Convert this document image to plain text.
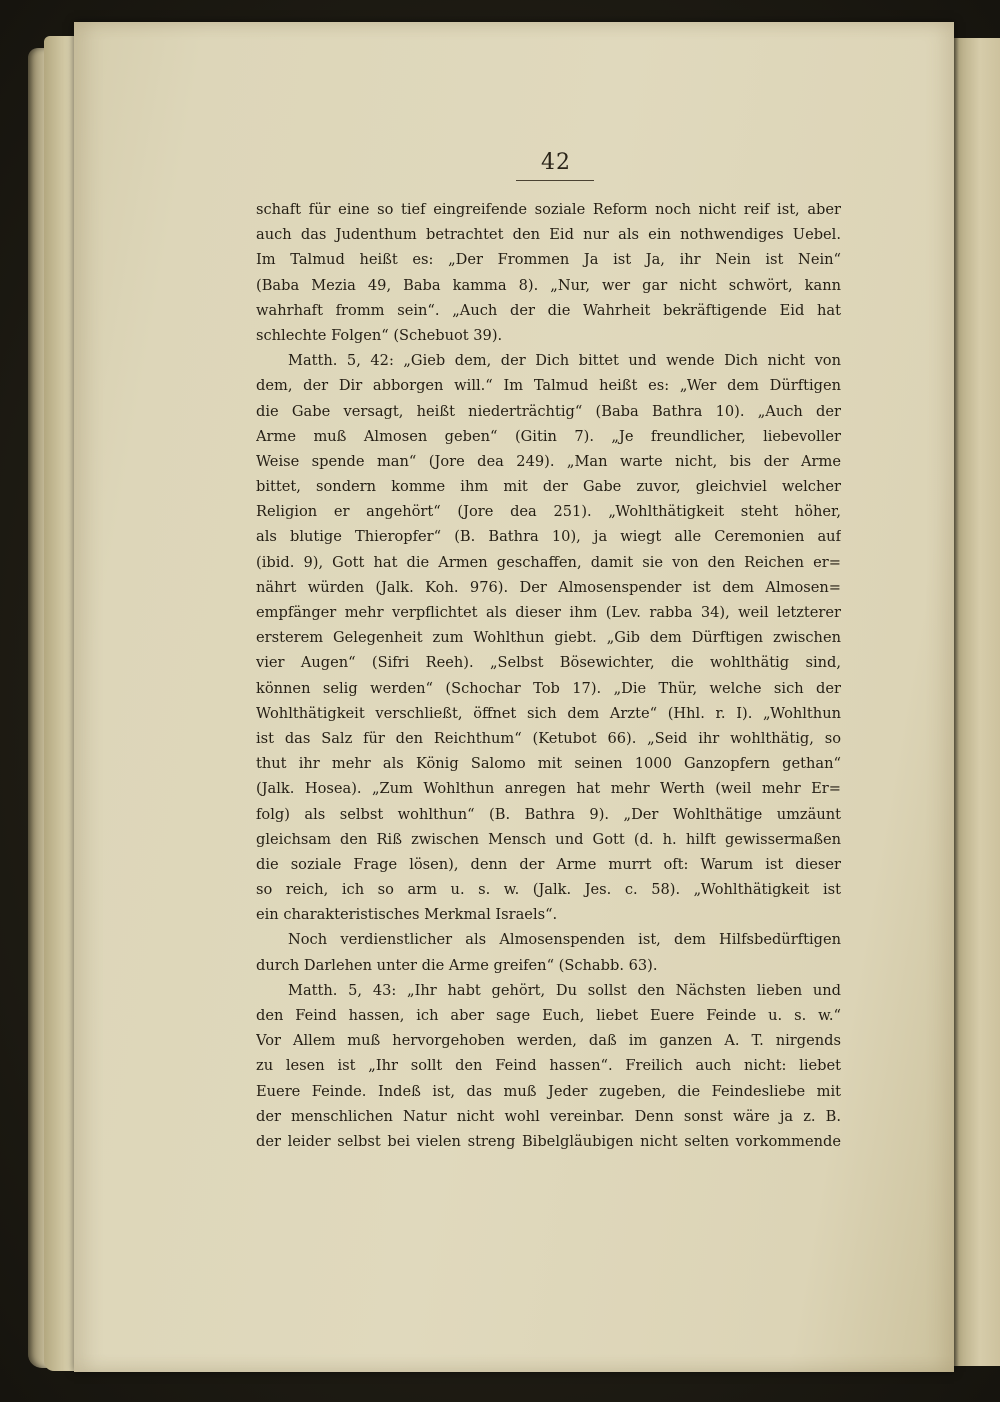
42
schaft für eine so tief eingreifende soziale Reform noch nicht reif ist, aber
auch das Judenthum betrachtet den Eid nur als ein nothwendiges Uebel.
Im Talmud heißt es: „Der Frommen Ja ist Ja, ihr Nein ist Nein“
(Baba Mezia 49, Baba kamma 8). „Nur, wer gar nicht schwört, kann
wahrhaft fromm sein“. „Auch der die Wahrheit bekräftigende Eid hat
schlechte Folgen“ (Schebuot 39).
Matth. 5, 42: „Gieb dem, der Dich bittet und wende Dich nicht von
dem, der Dir abborgen will.“ Im Talmud heißt es: „Wer dem Dürftigen
die Gabe versagt, heißt niederträchtig“ (Baba Bathra 10). „Auch der
Arme muß Almosen geben“ (Gitin 7). „Je freundlicher, liebevoller
Weise spende man“ (Jore dea 249). „Man warte nicht, bis der Arme
bittet, sondern komme ihm mit der Gabe zuvor, gleichviel welcher
Religion er angehört“ (Jore dea 251). „Wohlthätigkeit steht höher,
als blutige Thieropfer“ (B. Bathra 10), ja wiegt alle Ceremonien auf
(ibid. 9), Gott hat die Armen geschaffen, damit sie von den Reichen er=
nährt würden (Jalk. Koh. 976). Der Almosenspender ist dem Almosen=
empfänger mehr verpflichtet als dieser ihm (Lev. rabba 34), weil letzterer
ersterem Gelegenheit zum Wohlthun giebt. „Gib dem Dürftigen zwischen
vier Augen“ (Sifri Reeh). „Selbst Bösewichter, die wohlthätig sind,
können selig werden“ (Schochar Tob 17). „Die Thür, welche sich der
Wohlthätigkeit verschließt, öffnet sich dem Arzte“ (Hhl. r. I). „Wohlthun
ist das Salz für den Reichthum“ (Ketubot 66). „Seid ihr wohlthätig, so
thut ihr mehr als König Salomo mit seinen 1000 Ganzopfern gethan“
(Jalk. Hosea). „Zum Wohlthun anregen hat mehr Werth (weil mehr Er=
folg) als selbst wohlthun“ (B. Bathra 9). „Der Wohlthätige umzäunt
gleichsam den Riß zwischen Mensch und Gott (d. h. hilft gewissermaßen
die soziale Frage lösen), denn der Arme murrt oft: Warum ist dieser
so reich, ich so arm u. s. w. (Jalk. Jes. c. 58). „Wohlthätigkeit ist
ein charakteristisches Merkmal Israels“.
Noch verdienstlicher als Almosenspenden ist, dem Hilfsbedürftigen
durch Darlehen unter die Arme greifen“ (Schabb. 63).
Matth. 5, 43: „Ihr habt gehört, Du sollst den Nächsten lieben und
den Feind hassen, ich aber sage Euch, liebet Euere Feinde u. s. w.“
Vor Allem muß hervorgehoben werden, daß im ganzen A. T. nirgends
zu lesen ist „Ihr sollt den Feind hassen“. Freilich auch nicht: liebet
Euere Feinde. Indeß ist, das muß Jeder zugeben, die Feindesliebe mit
der menschlichen Natur nicht wohl vereinbar. Denn sonst wäre ja z. B.
der leider selbst bei vielen streng Bibelgläubigen nicht selten vorkommende
